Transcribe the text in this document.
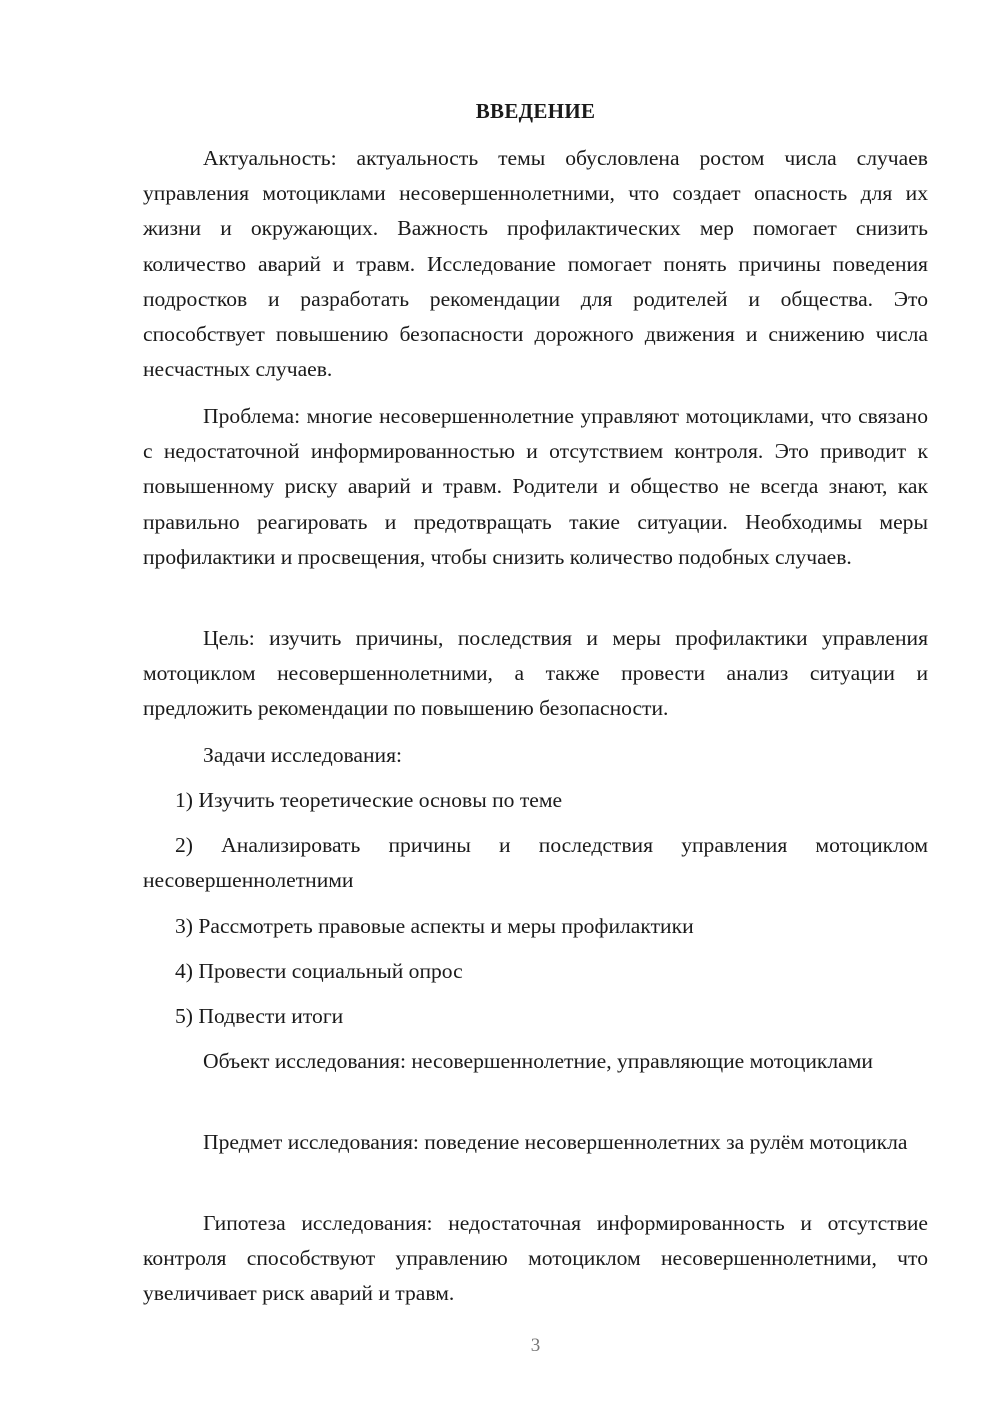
ВВЕДЕНИЕ

Актуальность: актуальность темы обусловлена ростом числа случаев управления мотоциклами несовершеннолетними, что создает опасность для их жизни и окружающих. Важность профилактических мер помогает снизить количество аварий и травм. Исследование помогает понять причины поведения подростков и разработать рекомендации для родителей и общества. Это способствует повышению безопасности дорожного движения и снижению числа несчастных случаев.

Проблема: многие несовершеннолетние управляют мотоциклами, что связано с недостаточной информированностью и отсутствием контроля. Это приводит к повышенному риску аварий и травм. Родители и общество не всегда знают, как правильно реагировать и предотвращать такие ситуации. Необходимы меры профилактики и просвещения, чтобы снизить количество подобных случаев.

Цель: изучить причины, последствия и меры профилактики управления мотоциклом несовершеннолетними, а также провести анализ ситуации и предложить рекомендации по повышению безопасности.

Задачи исследования:

1) Изучить теоретические основы по теме

2) Анализировать причины и последствия управления мотоциклом несовершеннолетними

3) Рассмотреть правовые аспекты и меры профилактики

4) Провести социальный опрос

5) Подвести итоги

Объект исследования: несовершеннолетние, управляющие мотоциклами

Предмет исследования: поведение несовершеннолетних за рулём мотоцикла

Гипотеза исследования: недостаточная информированность и отсутствие контроля способствуют управлению мотоциклом несовершеннолетними, что увеличивает риск аварий и травм.

3
